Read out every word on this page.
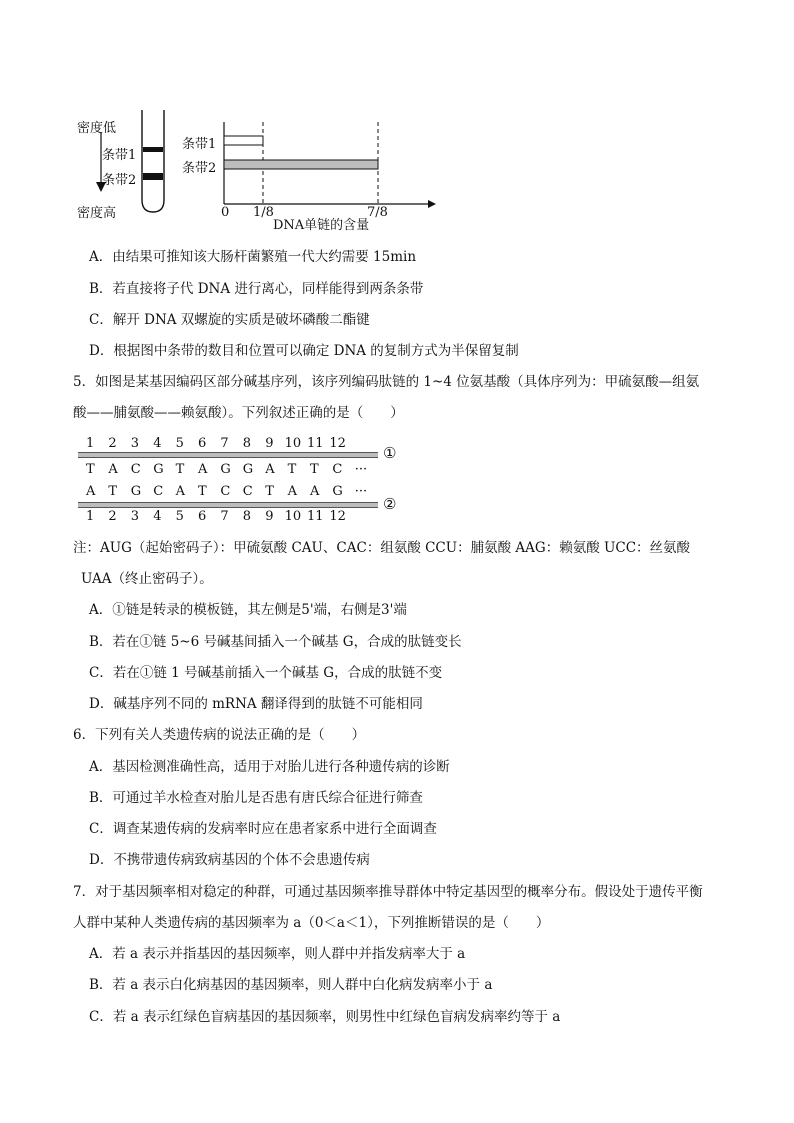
密度低
条带1
条带2
密度高
条带1
条带2
0 1/8	7/8
DNA单链的含量
A．由结果可推知该大肠杆菌繁殖一代大约需要 15min
B．若直接将子代 DNA 进行离心，同样能得到两条条带
C．解开 DNA 双螺旋的实质是破坏磷酸二酯键
D．根据图中条带的数目和位置可以确定 DNA 的复制方式为半保留复制
5．如图是某基因编码区部分碱基序列，该序列编码肽链的 1~4 位氨基酸（具体序列为：甲硫氨酸—组氨
酸——脯氨酸——赖氨酸）。下列叙述正确的是（　　）
①
②
1 2 3 4 5 6 7 8 9 10 11 12
T A C G T A G G A T T C ···
A T G C A T C C T A A G ···
1 2 3 4 5 6 7 8 9 10 11 12
注：AUG（起始密码子）：甲硫氨酸 CAU、CAC：组氨酸 CCU：脯氨酸 AAG：赖氨酸 UCC：丝氨酸
UAA（终止密码子）。
A．①链是转录的模板链，其左侧是5'端，右侧是3'端
B．若在①链 5~6 号碱基间插入一个碱基 G，合成的肽链变长
C．若在①链 1 号碱基前插入一个碱基 G，合成的肽链不变
D．碱基序列不同的 mRNA 翻译得到的肽链不可能相同
6．下列有关人类遗传病的说法正确的是（　　）
A．基因检测准确性高，适用于对胎儿进行各种遗传病的诊断
B．可通过羊水检查对胎儿是否患有唐氏综合征进行筛查
C．调查某遗传病的发病率时应在患者家系中进行全面调查
D．不携带遗传病致病基因的个体不会患遗传病
7．对于基因频率相对稳定的种群，可通过基因频率推导群体中特定基因型的概率分布。假设处于遗传平衡
人群中某种人类遗传病的基因频率为 a（0＜a＜1），下列推断错误的是（　　）
A．若 a 表示并指基因的基因频率，则人群中并指发病率大于 a
B．若 a 表示白化病基因的基因频率，则人群中白化病发病率小于 a
C．若 a 表示红绿色盲病基因的基因频率，则男性中红绿色盲病发病率约等于 a
